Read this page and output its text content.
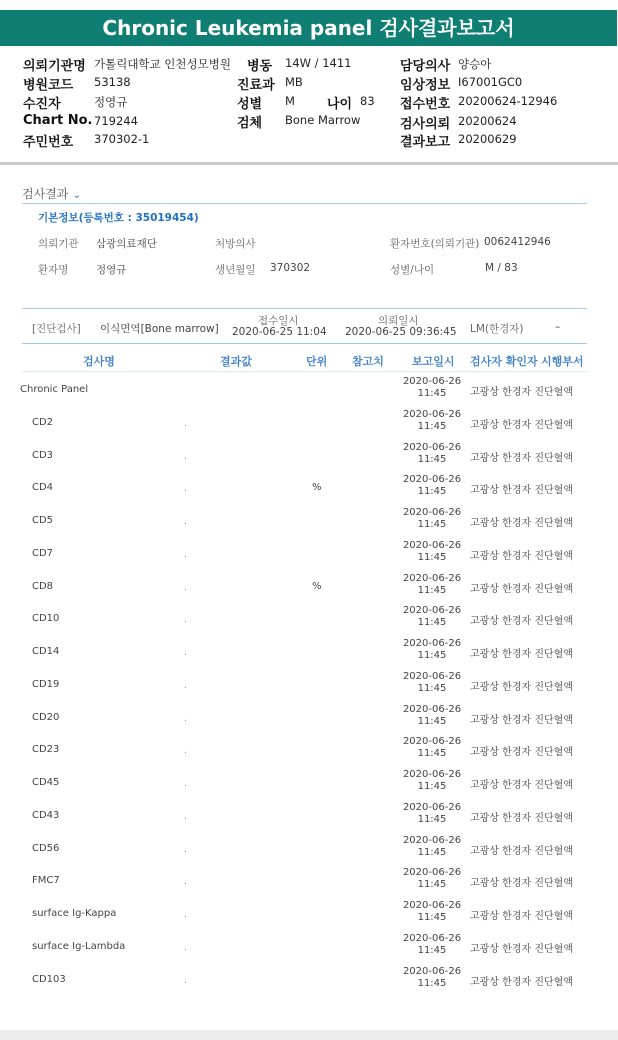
Chronic Leukemia panel 검사결과보고서
의뢰기관명 가톨릭대학교 인천성모병원 병동 14W / 1411	담당의사 양승아
병원코드 53138	진료과 MB	임상정보 I67001GC0
수진자	정영규	성별 M 나이 83 접수번호 20200624-12946
Chart No. 719244	검체 Bone Marrow	검사의뢰 20200624
주민번호 370302-1	결과보고 20200629
검사결과 ⌄
기본정보(등록번호 : 35019454)
의뢰기관 삼광의료재단	처방의사	환자번호(의뢰기관) 0062412946
환자명	정영규	생년월일 370302	성별/나이	M / 83
[진단검사] 이식면역[Bone marrow]
접수일시
2020-06-25 11:04
의뢰일시
2020-06-25 09:36:45 LM(한경자)	–
검사명	결과값	단위 참고치	보고일시 검사자 확인자 시행부서
Chronic Panel
2020-06-26
11:45	고광상 한경자 진단혈액
CD2	.
2020-06-26
11:45	고광상 한경자 진단혈액
CD3	.
2020-06-26
11:45	고광상 한경자 진단혈액
CD4	.	%
2020-06-26
11:45	고광상 한경자 진단혈액
CD5	.
2020-06-26
11:45	고광상 한경자 진단혈액
CD7	.
2020-06-26
11:45	고광상 한경자 진단혈액
CD8	.	%
2020-06-26
11:45	고광상 한경자 진단혈액
CD10	.
2020-06-26
11:45	고광상 한경자 진단혈액
CD14	.
2020-06-26
11:45	고광상 한경자 진단혈액
CD19	.
2020-06-26
11:45	고광상 한경자 진단혈액
CD20	.
2020-06-26
11:45	고광상 한경자 진단혈액
CD23	.
2020-06-26
11:45	고광상 한경자 진단혈액
CD45	.
2020-06-26
11:45	고광상 한경자 진단혈액
CD43	.
2020-06-26
11:45	고광상 한경자 진단혈액
CD56	.
2020-06-26
11:45	고광상 한경자 진단혈액
FMC7	.
2020-06-26
11:45	고광상 한경자 진단혈액
surface Ig-Kappa	.
2020-06-26
11:45	고광상 한경자 진단혈액
surface Ig-Lambda	.
2020-06-26
11:45	고광상 한경자 진단혈액
CD103	.
2020-06-26
11:45	고광상 한경자 진단혈액
